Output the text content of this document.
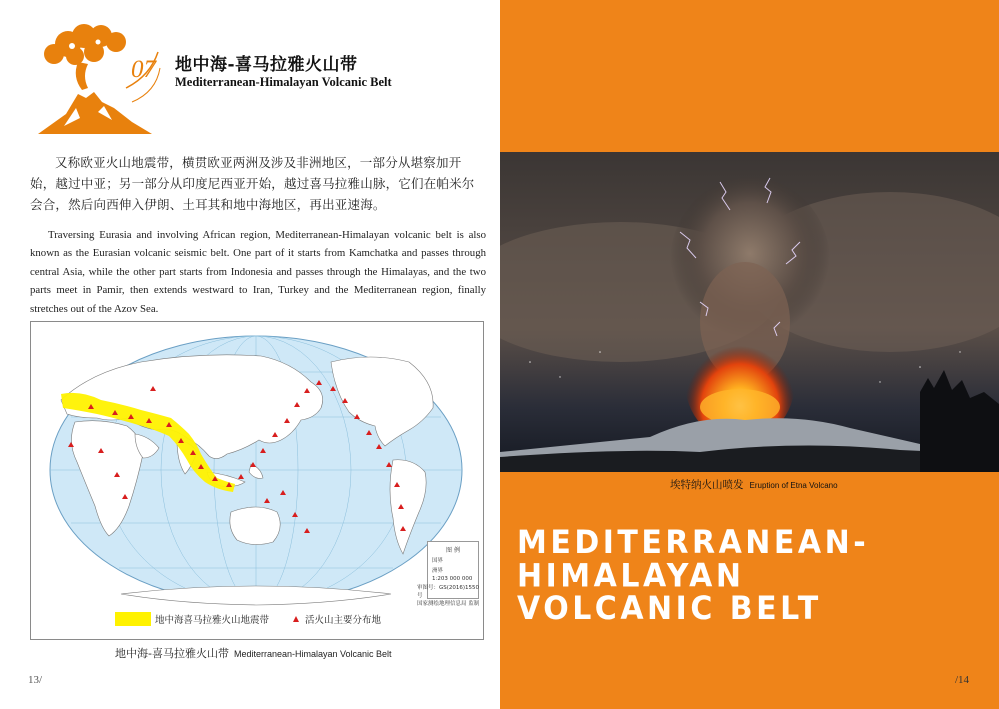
07 地中海-喜马拉雅火山带
Mediterranean-Himalayan Volcanic Belt

又称欧亚火山地震带，横贯欧亚两洲及涉及非洲地区，一部分从堪察加开始，越过中亚；另一部分从印度尼西亚开始，越过喜马拉雅山脉，它们在帕米尔会合，然后向西伸入伊朗、土耳其和地中海地区，再出亚速海。

Traversing Eurasia and involving African region, Mediterranean-Himalayan volcanic belt is also known as the Eurasian volcanic seismic belt. One part of it starts from Kamchatka and passes through central Asia, while the other part starts from Indonesia and passes through the Himalayas, and the two parts meet in Pamir, then extends westward to Iran, Turkey and the Mediterranean region, finally stretches out of the Azov Sea.

图 例
国界
洲界
1:203 000 000
审图号：GS(2016)1550号
国家测绘地理信息局 监制
地中海喜马拉雅火山地震带	活火山主要分布地
地中海-喜马拉雅火山带 Mediterranean-Himalayan Volcanic Belt
13/
埃特纳火山喷发 Eruption of Etna Volcano
MEDITERRANEAN-
HIMALAYAN
VOLCANIC BELT
/14
